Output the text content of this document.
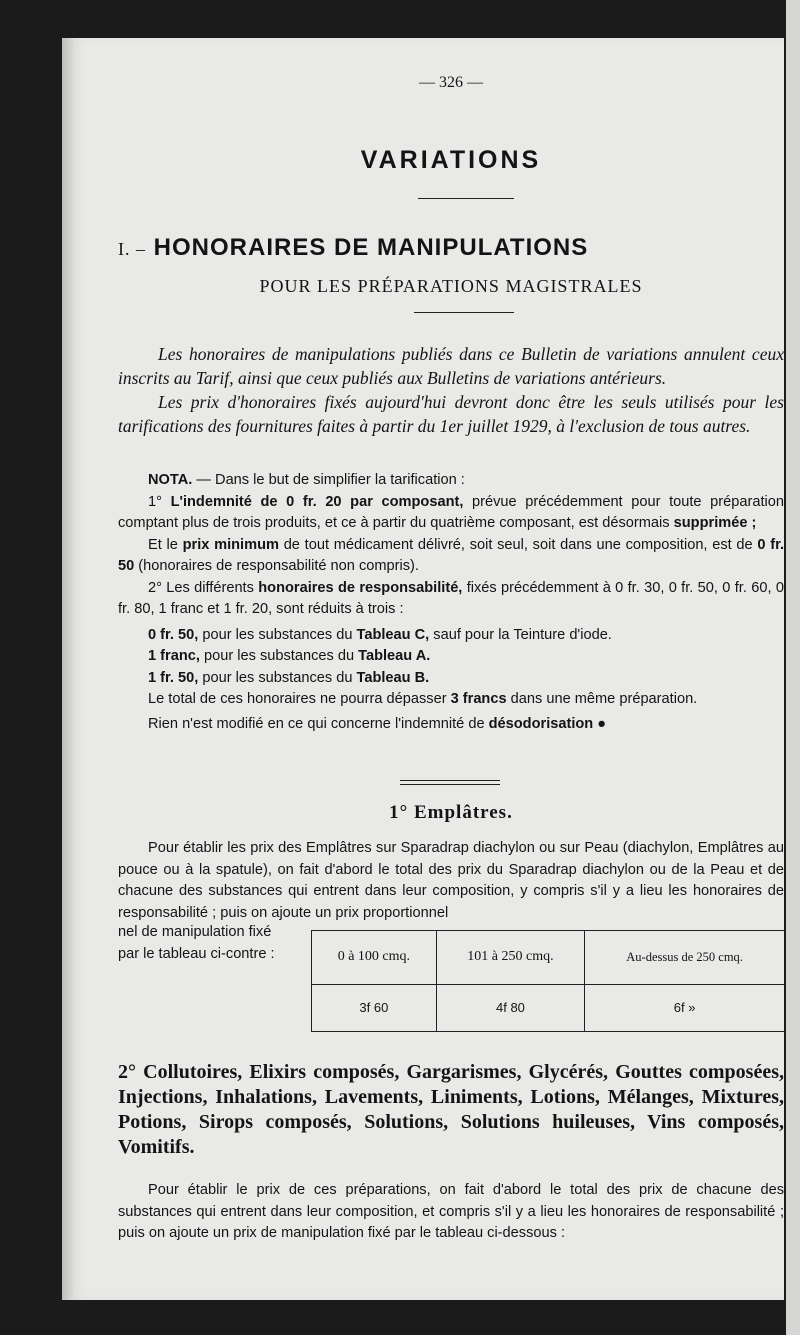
— 326 —
VARIATIONS
I. – HONORAIRES DE MANIPULATIONS
POUR LES PRÉPARATIONS MAGISTRALES

Les honoraires de manipulations publiés dans ce Bulletin de variations annulent ceux inscrits au Tarif, ainsi que ceux publiés aux Bulletins de variations antérieurs.

Les prix d'honoraires fixés aujourd'hui devront donc être les seuls utilisés pour les tarifications des fournitures faites à partir du 1er juillet 1929, à l'exclusion de tous autres.

NOTA. — Dans le but de simplifier la tarification :

1° L'indemnité de 0 fr. 20 par composant, prévue précédemment pour toute préparation comptant plus de trois produits, et ce à partir du quatrième composant, est désormais supprimée ;

Et le prix minimum de tout médicament délivré, soit seul, soit dans une composition, est de 0 fr. 50 (honoraires de responsabilité non compris).

2° Les différents honoraires de responsabilité, fixés précédemment à 0 fr. 30, 0 fr. 50, 0 fr. 60, 0 fr. 80, 1 franc et 1 fr. 20, sont réduits à trois :

0 fr. 50, pour les substances du Tableau C, sauf pour la Teinture d'iode.

1 franc, pour les substances du Tableau A.

1 fr. 50, pour les substances du Tableau B.

Le total de ces honoraires ne pourra dépasser 3 francs dans une même préparation.

Rien n'est modifié en ce qui concerne l'indemnité de désodorisation ●

1° Emplâtres.

Pour établir les prix des Emplâtres sur Sparadrap diachylon ou sur Peau (diachylon, Emplâtres au pouce ou à la spatule), on fait d'abord le total des prix du Sparadrap diachylon ou de la Peau et de chacune des substances qui entrent dans leur composition, y compris s'il y a lieu les honoraires de responsabilité ; puis on ajoute un prix proportionnel

nel de manipulation fixé par le tableau ci-contre :	0 à 100 cmq.	101 à 250 cmq.	Au-dessus de 250 cmq.
3f 60	4f 80	6f »
2° Collutoires, Elixirs composés, Gargarismes, Glycérés, Gouttes composées, Injections, Inhalations, Lavements, Liniments, Lotions, Mélanges, Mixtures, Potions, Sirops composés, Solutions, Solutions huileuses, Vins composés, Vomitifs.

Pour établir le prix de ces préparations, on fait d'abord le total des prix de chacune des substances qui entrent dans leur composition, et compris s'il y a lieu les honoraires de responsabilité ; puis on ajoute un prix de manipulation fixé par le tableau ci-dessous :
